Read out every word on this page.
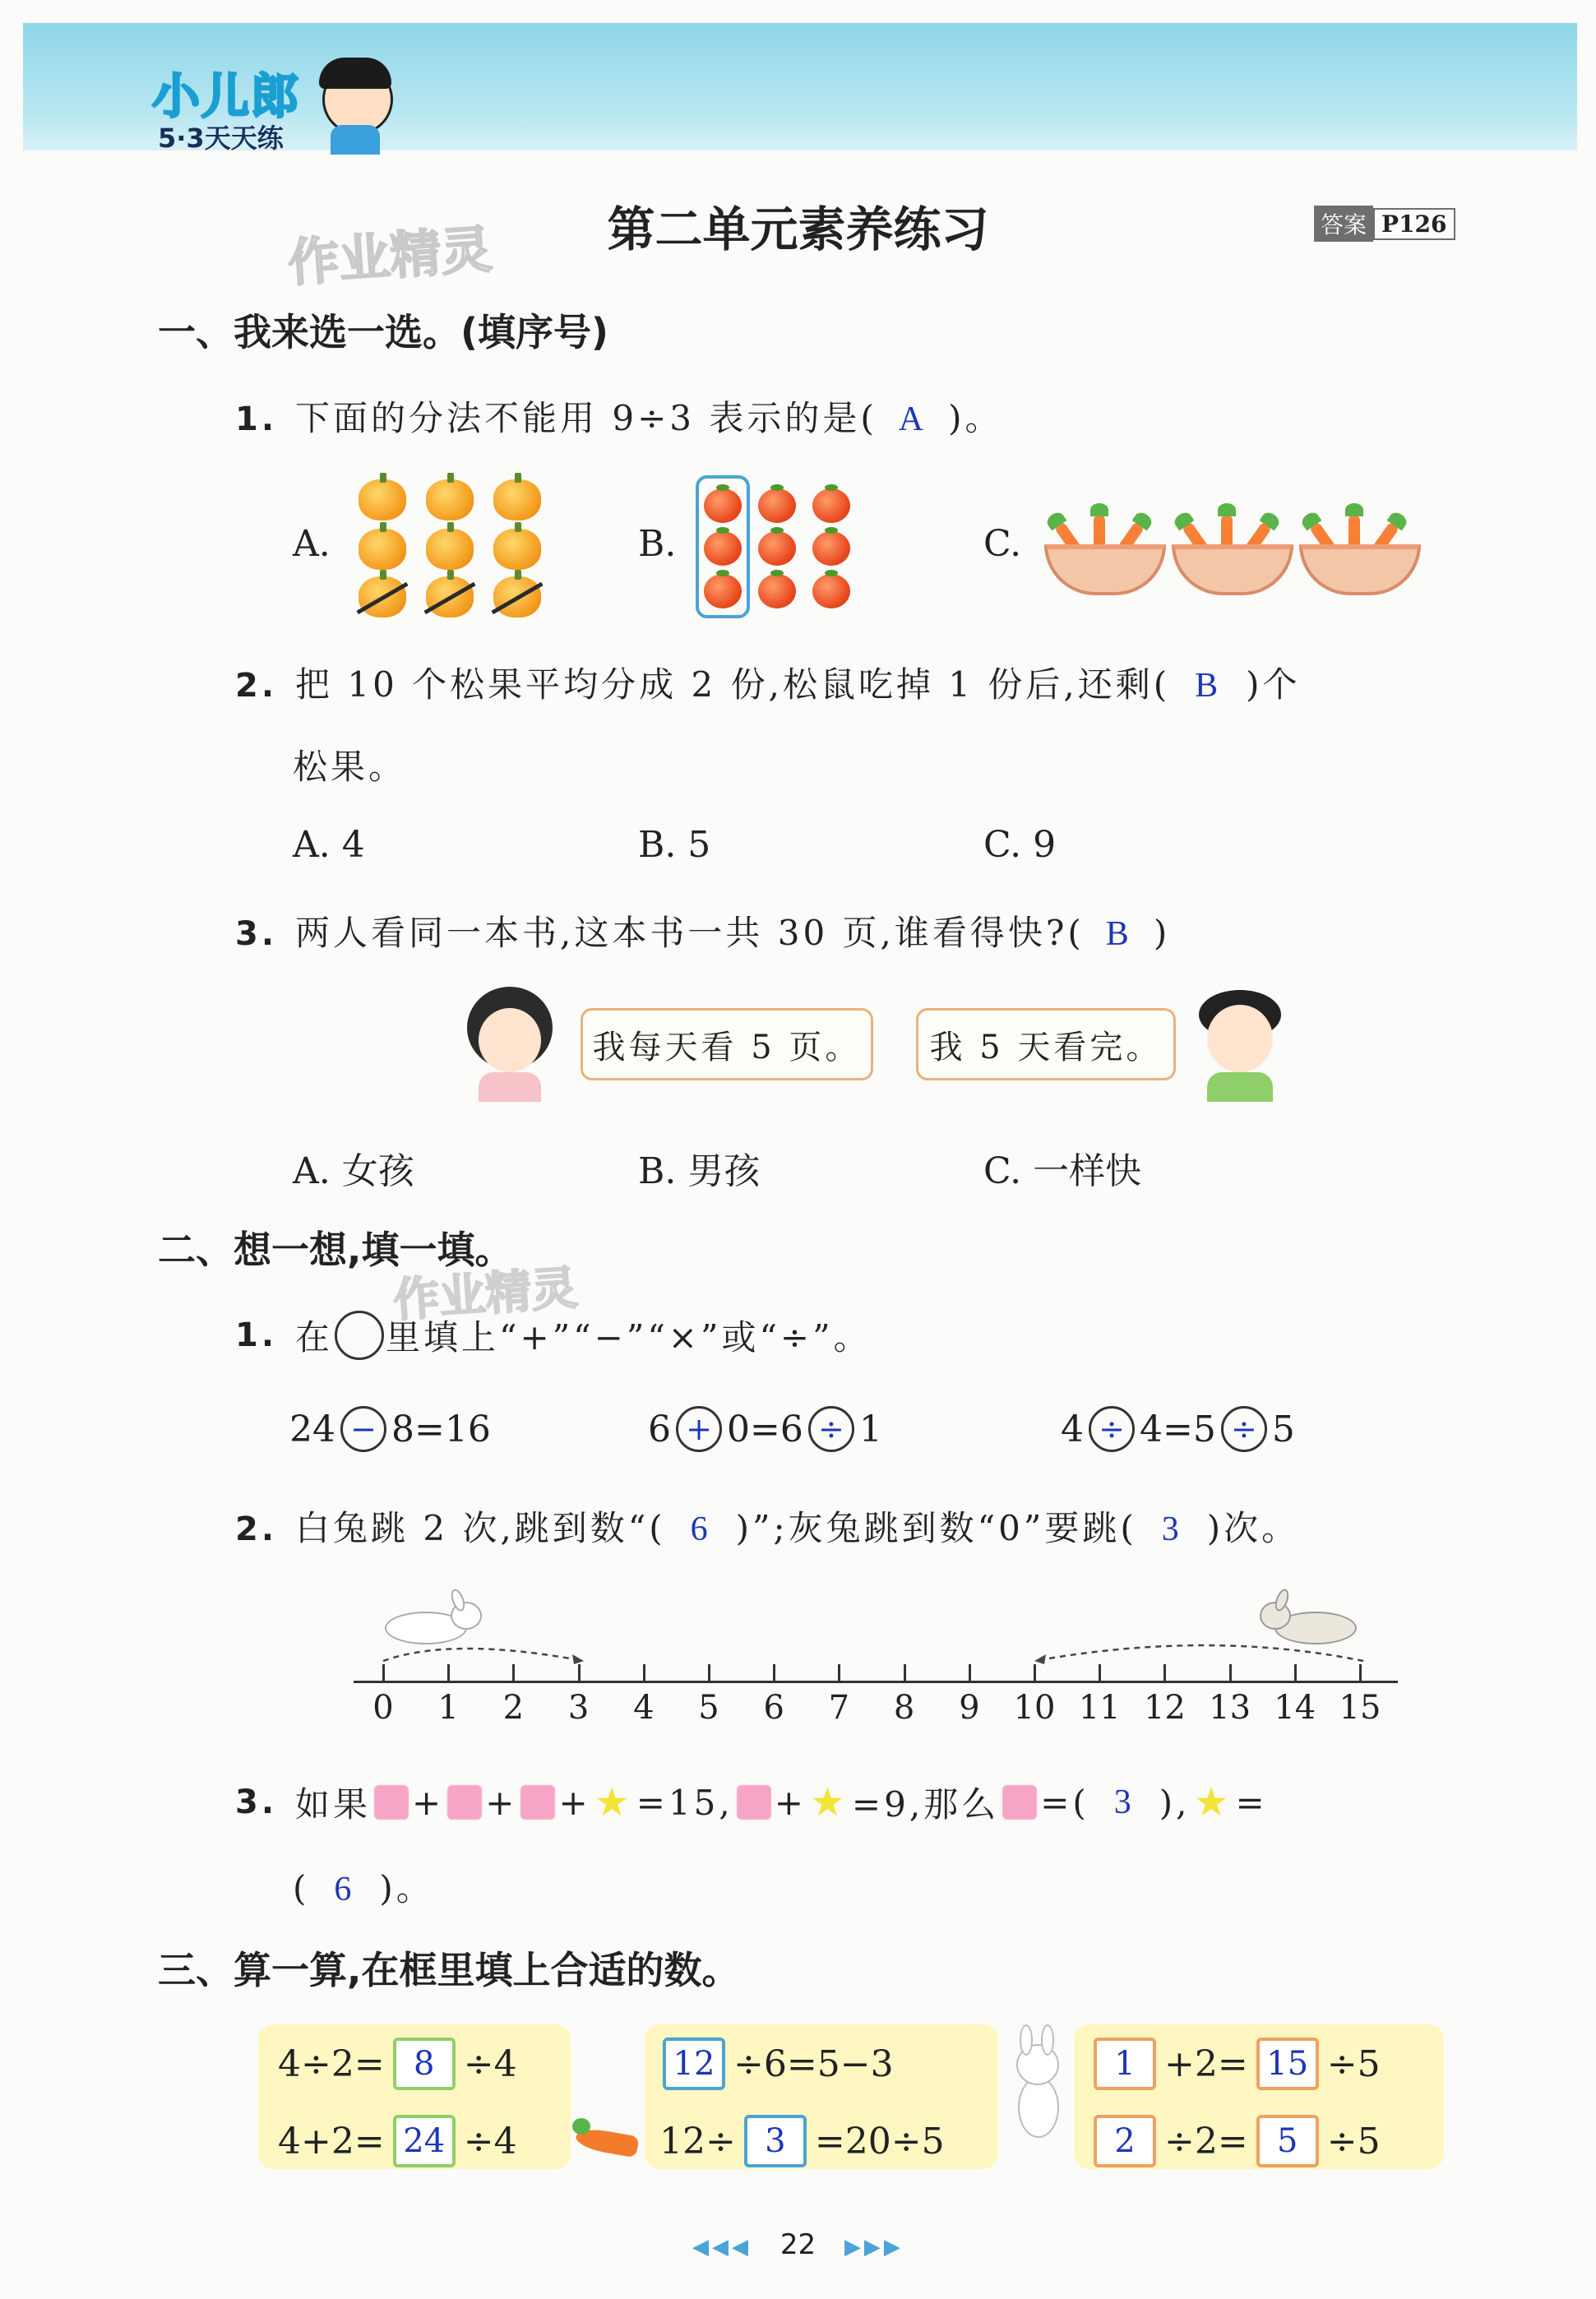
小儿郎
5·3天天练
作业精灵	第二单元素养练习	答案 P126
一、我来选一选。(填序号)
1. 下面的分法不能用 9÷3 表示的是( A )。
A.	B.	C.
2. 把 10 个松果平均分成 2 份,松鼠吃掉 1 份后,还剩( B )个
松果。
A. 4	B. 5	C. 9
3. 两人看同一本书,这本书一共 30 页,谁看得快?( B )
我每天看 5 页。	我 5 天看完。
A. 女孩	B. 男孩	C. 一样快
二、想一想,填一填。
作业精灵
1. 在 里填上“+”“−”“×”或“÷”。
24 − 8=16	6 + 0=6 ÷ 1	4 ÷ 4=5 ÷ 5
2. 白兔跳 2 次,跳到数“( 6 )”;灰兔跳到数“0”要跳( 3 )次。
0	1	2	3	4	5	6	7	8	9	10 11 12 13 14 15
3. 如果 + + + ★ =15, + ★ =9,那么 =( 3 ), ★ =
( 6 )。
三、算一算,在框里填上合适的数。
4÷2= 8 ÷4
4+2= 24 ÷4
12 ÷6=5−3
12÷ 3 =20÷5
1 +2= 15 ÷5
2 ÷2= 5 ÷5
◀◀◀ 22 ▶▶▶
